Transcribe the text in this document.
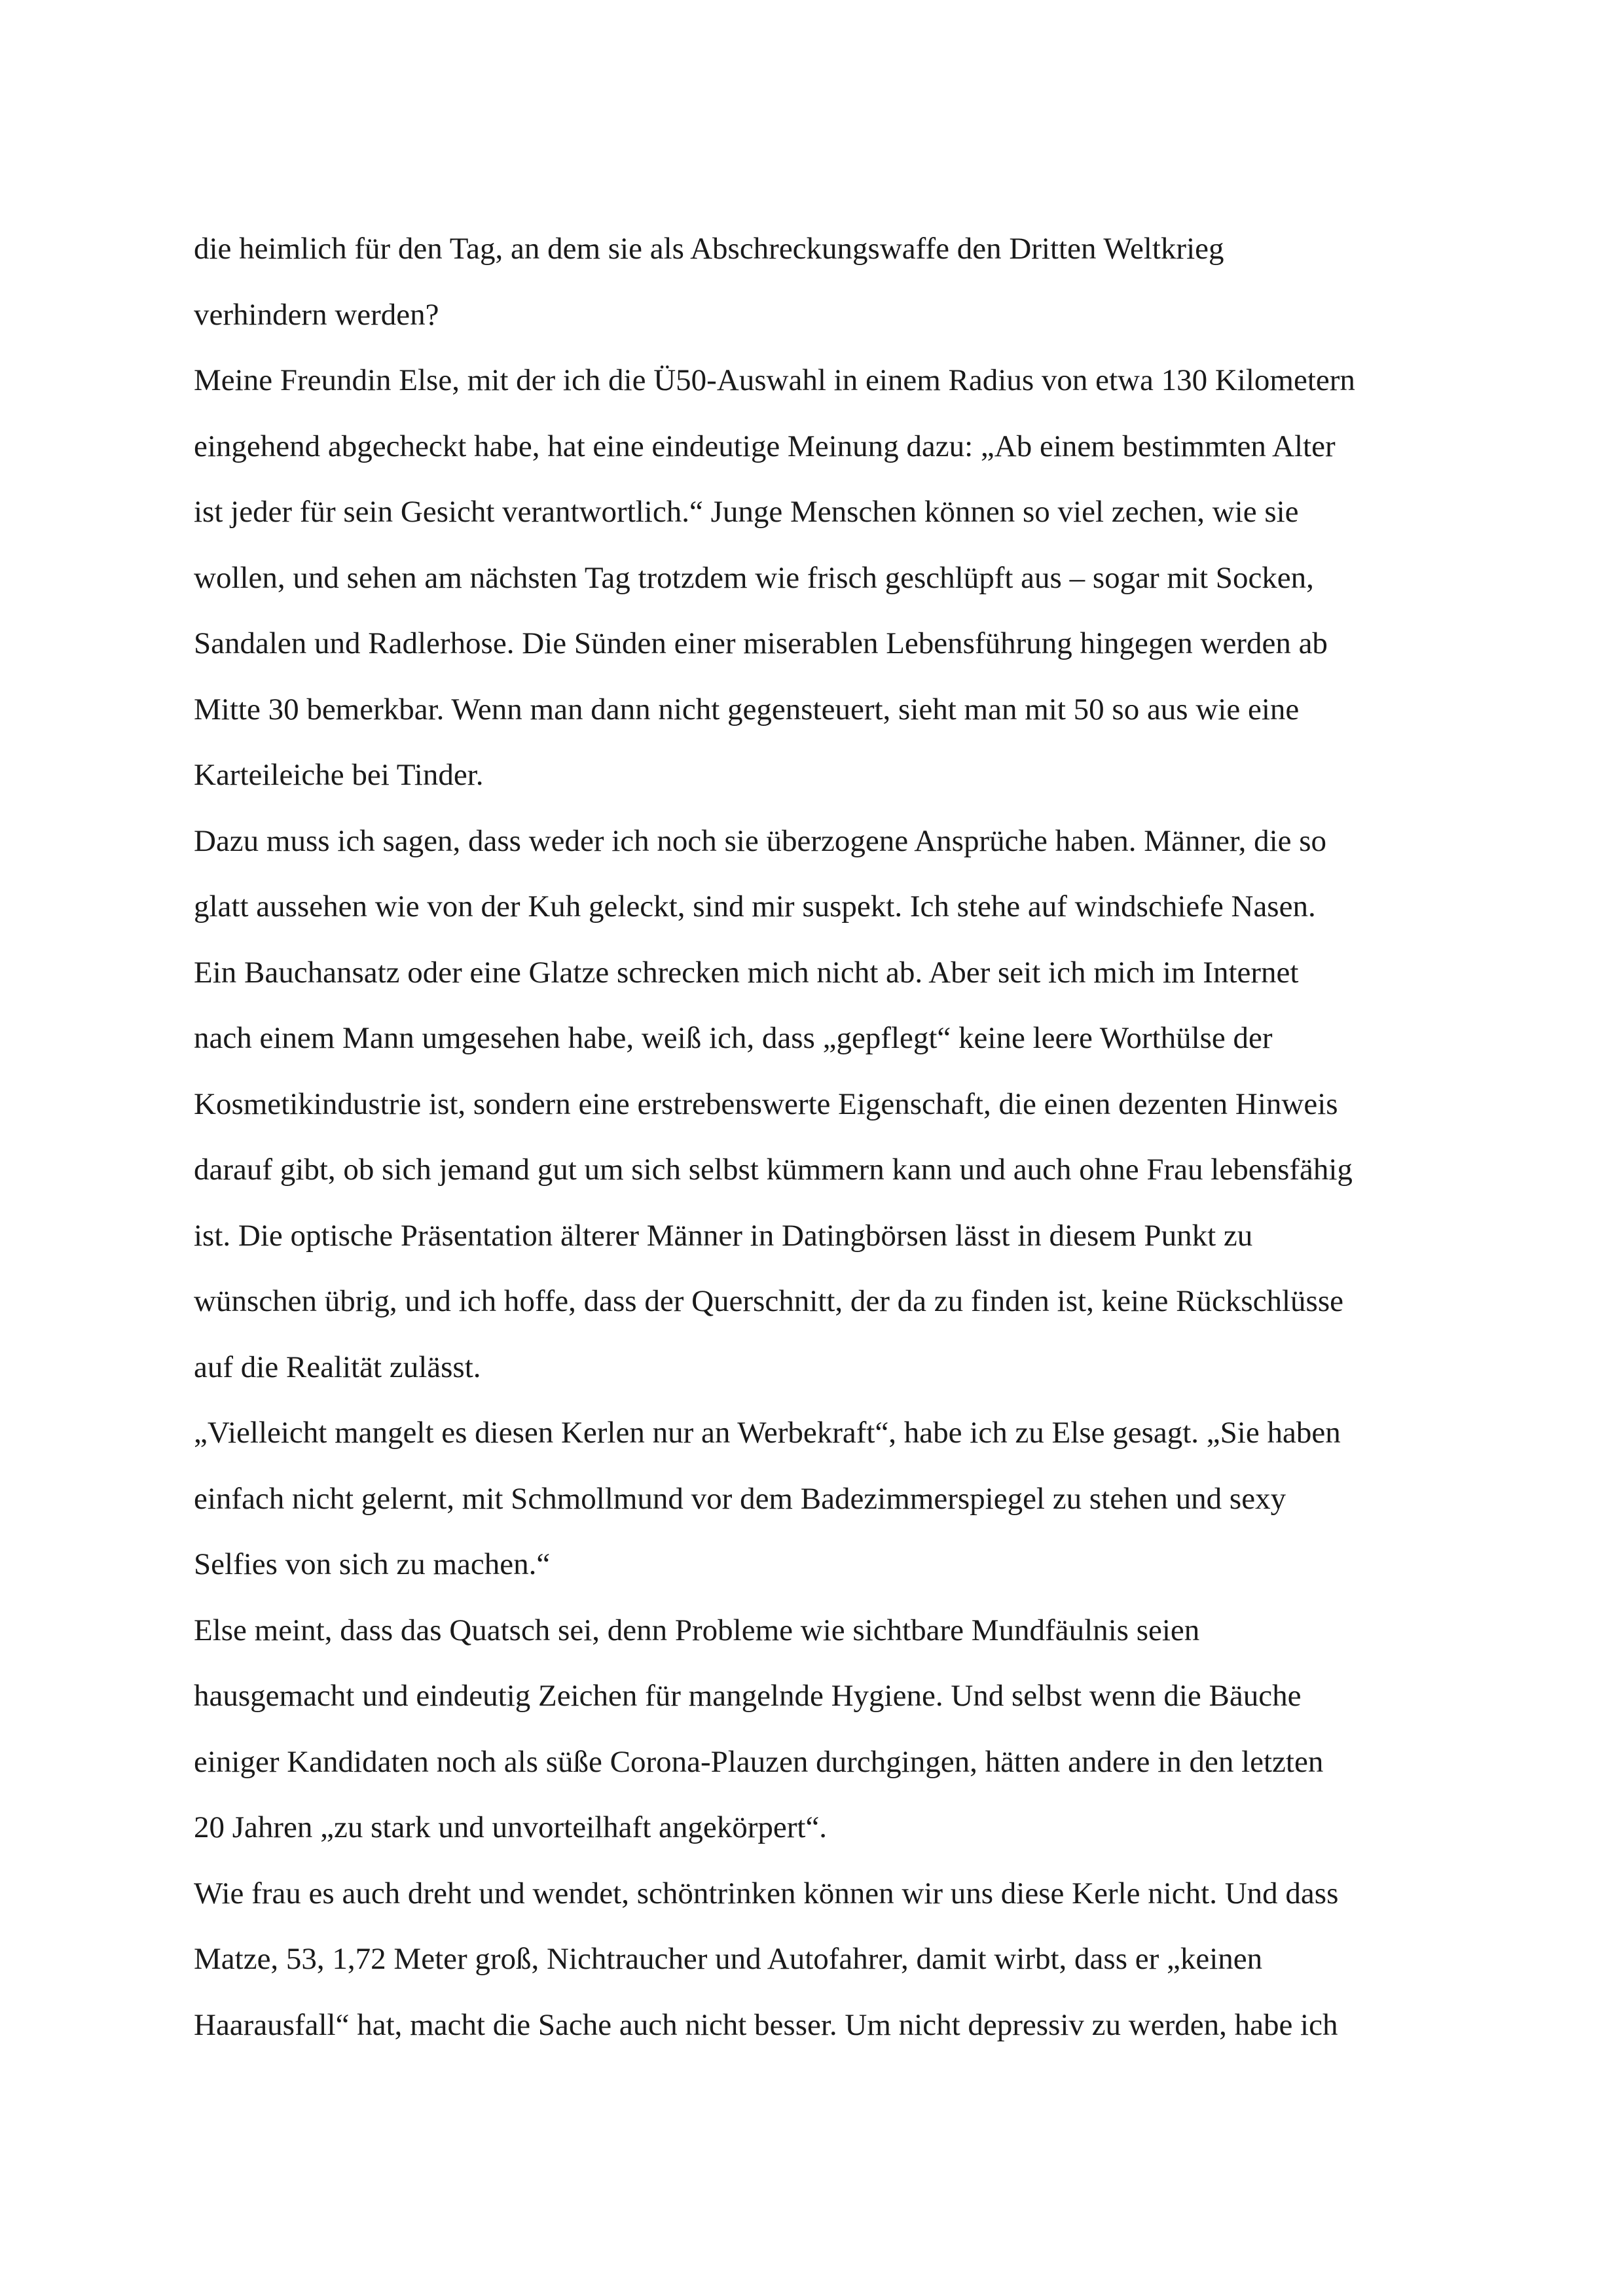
die heimlich für den Tag, an dem sie als Abschreckungswaffe den Dritten Weltkrieg
verhindern werden?
Meine Freundin Else, mit der ich die Ü50-Auswahl in einem Radius von etwa 130 Kilometern
eingehend abgecheckt habe, hat eine eindeutige Meinung dazu: „Ab einem bestimmten Alter
ist jeder für sein Gesicht verantwortlich.“ Junge Menschen können so viel zechen, wie sie
wollen, und sehen am nächsten Tag trotzdem wie frisch geschlüpft aus – sogar mit Socken,
Sandalen und Radlerhose. Die Sünden einer miserablen Lebensführung hingegen werden ab
Mitte 30 bemerkbar. Wenn man dann nicht gegensteuert, sieht man mit 50 so aus wie eine
Karteileiche bei Tinder.
Dazu muss ich sagen, dass weder ich noch sie überzogene Ansprüche haben. Männer, die so
glatt aussehen wie von der Kuh geleckt, sind mir suspekt. Ich stehe auf windschiefe Nasen.
Ein Bauchansatz oder eine Glatze schrecken mich nicht ab. Aber seit ich mich im Internet
nach einem Mann umgesehen habe, weiß ich, dass „gepflegt“ keine leere Worthülse der
Kosmetikindustrie ist, sondern eine erstrebenswerte Eigenschaft, die einen dezenten Hinweis
darauf gibt, ob sich jemand gut um sich selbst kümmern kann und auch ohne Frau lebensfähig
ist. Die optische Präsentation älterer Männer in Datingbörsen lässt in diesem Punkt zu
wünschen übrig, und ich hoffe, dass der Querschnitt, der da zu finden ist, keine Rückschlüsse
auf die Realität zulässt.
„Vielleicht mangelt es diesen Kerlen nur an Werbekraft“, habe ich zu Else gesagt. „Sie haben
einfach nicht gelernt, mit Schmollmund vor dem Badezimmerspiegel zu stehen und sexy
Selfies von sich zu machen.“
Else meint, dass das Quatsch sei, denn Probleme wie sichtbare Mundfäulnis seien
hausgemacht und eindeutig Zeichen für mangelnde Hygiene. Und selbst wenn die Bäuche
einiger Kandidaten noch als süße Corona-Plauzen durchgingen, hätten andere in den letzten
20 Jahren „zu stark und unvorteilhaft angekörpert“.
Wie frau es auch dreht und wendet, schöntrinken können wir uns diese Kerle nicht. Und dass
Matze, 53, 1,72 Meter groß, Nichtraucher und Autofahrer, damit wirbt, dass er „keinen
Haarausfall“ hat, macht die Sache auch nicht besser. Um nicht depressiv zu werden, habe ich
